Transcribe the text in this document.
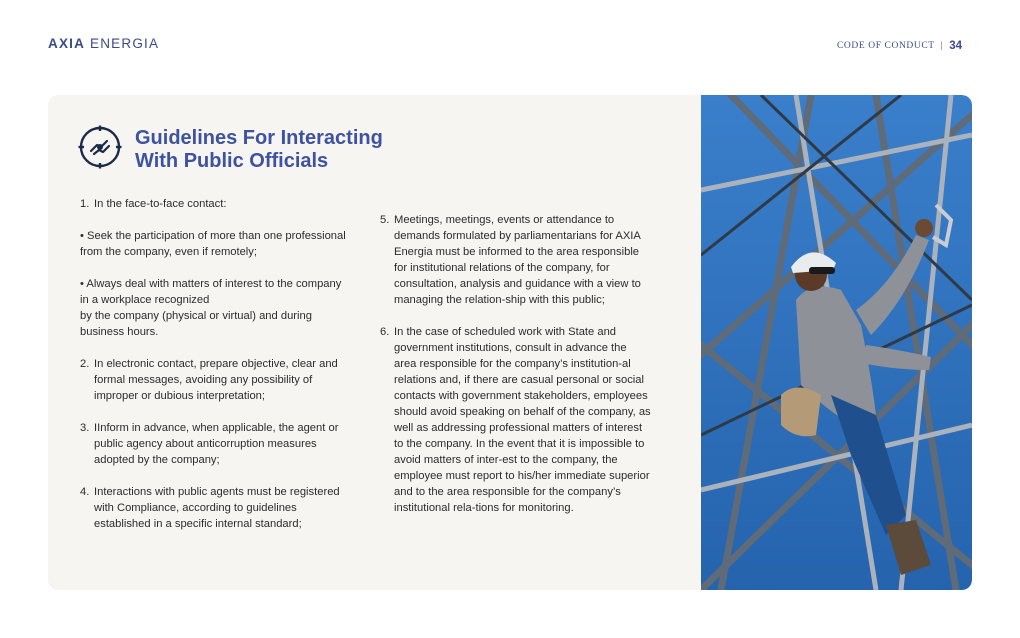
AXIA ENERGIA	CODE OF CONDUCT | 34
Guidelines For Interacting
With Public Officials
1. In the face-to-face contact:

• Seek the participation of more than one professional from the company, even if remotely;

• Always deal with matters of interest to the company in a workplace recognized
by the company (physical or virtual) and during business hours.

2. In electronic contact, prepare objective, clear and formal messages, avoiding any possibility of improper or dubious interpretation;
3. IInform in advance, when applicable, the agent or public agency about anticorruption measures adopted by the company;
4. Interactions with public agents must be registered with Compliance, according to guidelines established in a specific internal standard;
5. Meetings, meetings, events or attendance to demands formulated by parliamentarians for AXIA Energia must be informed to the area responsible for institutional relations of the company, for consultation, analysis and guidance with a view to managing the relation-ship with this public;
6. In the case of scheduled work with State and government institutions, consult in advance the area responsible for the company’s institution-al relations and, if there are casual personal or social contacts with government stakeholders, employees should avoid speaking on behalf of the company, as well as addressing professional matters of interest to the company. In the event that it is impossible to avoid matters of inter-est to the company, the employee must report to his/her immediate superior and to the area responsible for the company’s institutional rela-tions for monitoring.
